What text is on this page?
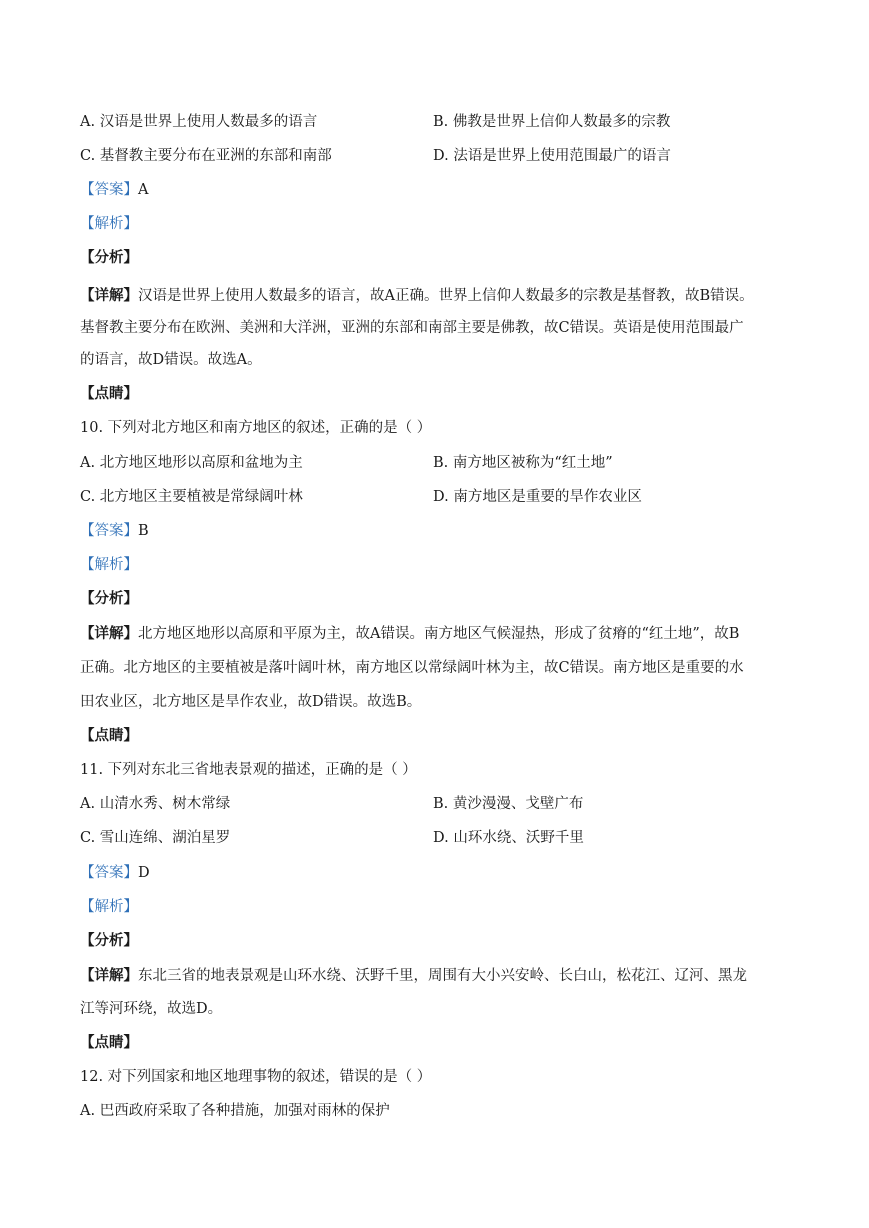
A. 汉语是世界上使用人数最多的语言	B. 佛教是世界上信仰人数最多的宗教
C. 基督教主要分布在亚洲的东部和南部	D. 法语是世界上使用范围最广的语言
【答案】A
【解析】
【分析】
【详解】汉语是世界上使用人数最多的语言，故A正确。世界上信仰人数最多的宗教是基督教，故B错误。
基督教主要分布在欧洲、美洲和大洋洲，亚洲的东部和南部主要是佛教，故C错误。英语是使用范围最广
的语言，故D错误。故选A。
【点睛】
10. 下列对北方地区和南方地区的叙述，正确的是（ ）
A. 北方地区地形以高原和盆地为主	B. 南方地区被称为“红土地”
C. 北方地区主要植被是常绿阔叶林	D. 南方地区是重要的旱作农业区
【答案】B
【解析】
【分析】
【详解】北方地区地形以高原和平原为主，故A错误。南方地区气候湿热，形成了贫瘠的“红土地”，故B
正确。北方地区的主要植被是落叶阔叶林，南方地区以常绿阔叶林为主，故C错误。南方地区是重要的水
田农业区，北方地区是旱作农业，故D错误。故选B。
【点睛】
11. 下列对东北三省地表景观的描述，正确的是（ ）
A. 山清水秀、树木常绿	B. 黄沙漫漫、戈壁广布
C. 雪山连绵、湖泊星罗	D. 山环水绕、沃野千里
【答案】D
【解析】
【分析】
【详解】东北三省的地表景观是山环水绕、沃野千里，周围有大小兴安岭、长白山，松花江、辽河、黑龙
江等河环绕，故选D。
【点睛】
12. 对下列国家和地区地理事物的叙述，错误的是（ ）
A. 巴西政府采取了各种措施，加强对雨林的保护
